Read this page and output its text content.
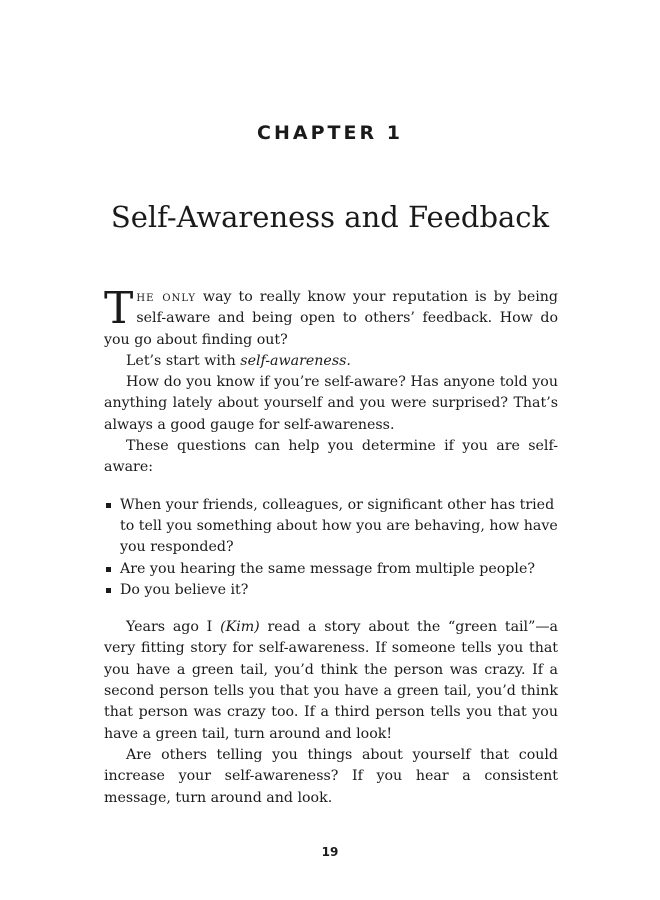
CHAPTER 1
Self-Awareness and Feedback

The only way to really know your reputation is by being self-aware and being open to others’ feedback. How do you go about finding out?

Let’s start with self-awareness.

How do you know if you’re self-aware? Has anyone told you anything lately about yourself and you were surprised? That’s always a good gauge for self-awareness.

These questions can help you determine if you are self-aware:

When your friends, colleagues, or significant other has tried to tell you something about how you are behaving, how have you responded?
Are you hearing the same message from multiple people?
Do you believe it?

Years ago I (Kim) read a story about the “green tail”—a very fitting story for self-awareness. If someone tells you that you have a green tail, you’d think the person was crazy. If a second person tells you that you have a green tail, you’d think that person was crazy too. If a third person tells you that you have a green tail, turn around and look!

Are others telling you things about yourself that could increase your self-awareness? If you hear a consistent message, turn around and look.

19
